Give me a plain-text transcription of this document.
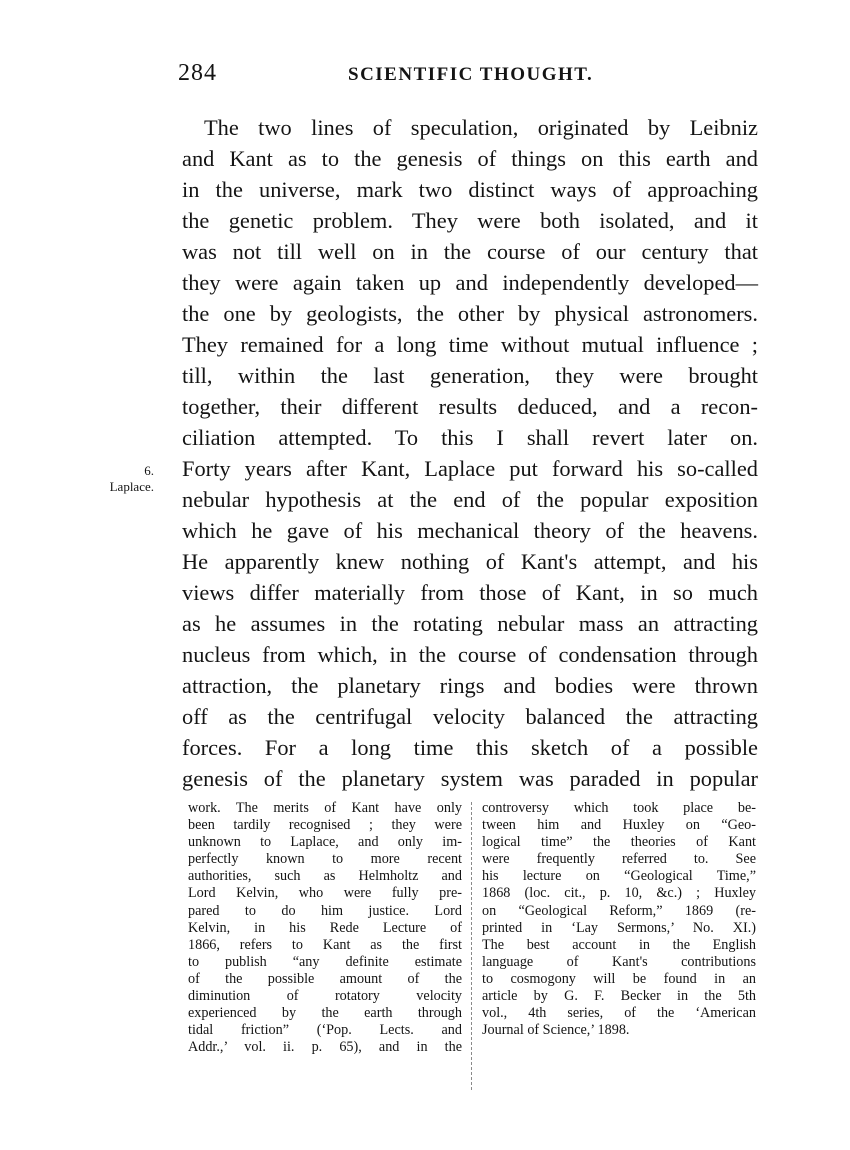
284	SCIENTIFIC THOUGHT.
6.
Laplace.
The two lines of speculation, originated by Leibniz
and Kant as to the genesis of things on this earth and
in the universe, mark two distinct ways of approaching
the genetic problem. They were both isolated, and it
was not till well on in the course of our century that
they were again taken up and independently developed—
the one by geologists, the other by physical astronomers.
They remained for a long time without mutual influence ;
till, within the last generation, they were brought
together, their different results deduced, and a recon-
ciliation attempted. To this I shall revert later on.
Forty years after Kant, Laplace put forward his so-called
nebular hypothesis at the end of the popular exposition
which he gave of his mechanical theory of the heavens.
He apparently knew nothing of Kant's attempt, and his
views differ materially from those of Kant, in so much
as he assumes in the rotating nebular mass an attracting
nucleus from which, in the course of condensation through
attraction, the planetary rings and bodies were thrown
off as the centrifugal velocity balanced the attracting
forces. For a long time this sketch of a possible
genesis of the planetary system was paraded in popular
work. The merits of Kant have only
been tardily recognised ; they were
unknown to Laplace, and only im-
perfectly known to more recent
authorities, such as Helmholtz and
Lord Kelvin, who were fully pre-
pared to do him justice. Lord
Kelvin, in his Rede Lecture of
1866, refers to Kant as the first
to publish “any definite estimate
of the possible amount of the
diminution of rotatory velocity
experienced by the earth through
tidal friction” (‘Pop. Lects. and
Addr.,’ vol. ii. p. 65), and in the
controversy which took place be-
tween him and Huxley on “Geo-
logical time” the theories of Kant
were frequently referred to. See
his lecture on “Geological Time,”
1868 (loc. cit., p. 10, &c.) ; Huxley
on “Geological Reform,” 1869 (re-
printed in ‘Lay Sermons,’ No. XI.)
The best account in the English
language of Kant's contributions
to cosmogony will be found in an
article by G. F. Becker in the 5th
vol., 4th series, of the ‘American
Journal of Science,’ 1898.
